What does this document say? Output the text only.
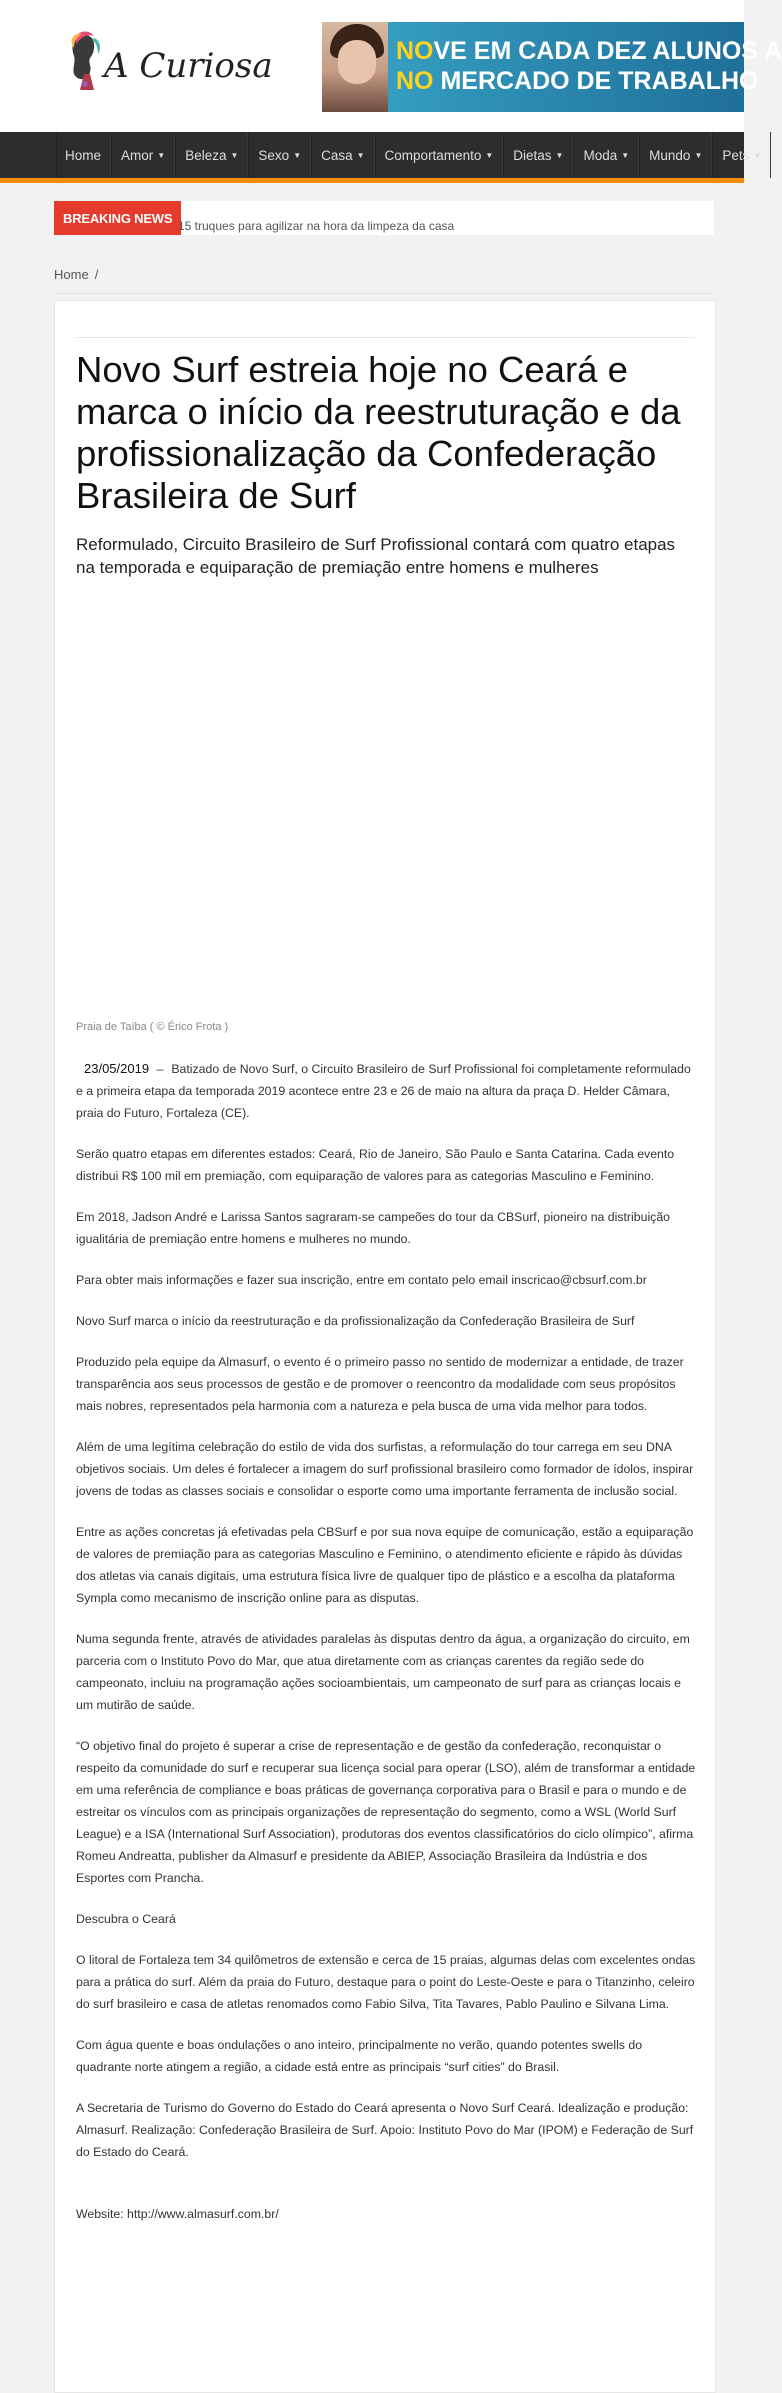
A Curiosa	NOVE EM CADA DEZ ALUNOS A
NO MERCADO DE TRABALHO
Home Amor ▼ Beleza ▼ Sexo ▼ Casa ▼ Comportamento ▼ Dietas ▼ Moda ▼ Mundo ▼ Pets ▼
BREAKING NEWS
15 truques para agilizar na hora da limpeza da casa
Home /
Novo Surf estreia hoje no Ceará e marca o início da reestruturação e da profissionalização da Confederação Brasileira de Surf
Reformulado, Circuito Brasileiro de Surf Profissional contará com quatro etapas na temporada e equiparação de premiação entre homens e mulheres
Praia de Taíba ( © Érico Frota )

23/05/2019 – Batizado de Novo Surf, o Circuito Brasileiro de Surf Profissional foi completamente reformulado e a primeira etapa da temporada 2019 acontece entre 23 e 26 de maio na altura da praça D. Helder Câmara, praia do Futuro, Fortaleza (CE).

Serão quatro etapas em diferentes estados: Ceará, Rio de Janeiro, São Paulo e Santa Catarina. Cada evento distribui R$ 100 mil em premiação, com equiparação de valores para as categorias Masculino e Feminino.

Em 2018, Jadson André e Larissa Santos sagraram-se campeões do tour da CBSurf, pioneiro na distribuição igualitária de premiação entre homens e mulheres no mundo.

Para obter mais informações e fazer sua inscrição, entre em contato pelo email inscricao@cbsurf.com.br

Novo Surf marca o início da reestruturação e da profissionalização da Confederação Brasileira de Surf

Produzido pela equipe da Almasurf, o evento é o primeiro passo no sentido de modernizar a entidade, de trazer transparência aos seus processos de gestão e de promover o reencontro da modalidade com seus propósitos mais nobres, representados pela harmonia com a natureza e pela busca de uma vida melhor para todos.

Além de uma legítima celebração do estilo de vida dos surfistas, a reformulação do tour carrega em seu DNA objetivos sociais. Um deles é fortalecer a imagem do surf profissional brasileiro como formador de ídolos, inspirar jovens de todas as classes sociais e consolidar o esporte como uma importante ferramenta de inclusão social.

Entre as ações concretas já efetivadas pela CBSurf e por sua nova equipe de comunicação, estão a equiparação de valores de premiação para as categorias Masculino e Feminino, o atendimento eficiente e rápido às dúvidas dos atletas via canais digitais, uma estrutura física livre de qualquer tipo de plástico e a escolha da plataforma Sympla como mecanismo de inscrição online para as disputas.

Numa segunda frente, através de atividades paralelas às disputas dentro da água, a organização do circuito, em parceria com o Instituto Povo do Mar, que atua diretamente com as crianças carentes da região sede do campeonato, incluiu na programação ações socioambientais, um campeonato de surf para as crianças locais e um mutirão de saúde.

“O objetivo final do projeto é superar a crise de representação e de gestão da confederação, reconquistar o respeito da comunidade do surf e recuperar sua licença social para operar (LSO), além de transformar a entidade em uma referência de compliance e boas práticas de governança corporativa para o Brasil e para o mundo e de estreitar os vínculos com as principais organizações de representação do segmento, como a WSL (World Surf League) e a ISA (International Surf Association), produtoras dos eventos classificatórios do ciclo olímpico”, afirma Romeu Andreatta, publisher da Almasurf e presidente da ABIEP, Associação Brasileira da Indústria e dos Esportes com Prancha.

Descubra o Ceará

O litoral de Fortaleza tem 34 quilômetros de extensão e cerca de 15 praias, algumas delas com excelentes ondas para a prática do surf. Além da praia do Futuro, destaque para o point do Leste-Oeste e para o Titanzinho, celeiro do surf brasileiro e casa de atletas renomados como Fabio Silva, Tita Tavares, Pablo Paulino e Silvana Lima.

Com água quente e boas ondulações o ano inteiro, principalmente no verão, quando potentes swells do quadrante norte atingem a região, a cidade está entre as principais “surf cities” do Brasil.

A Secretaria de Turismo do Governo do Estado do Ceará apresenta o Novo Surf Ceará. Idealização e produção: Almasurf. Realização: Confederação Brasileira de Surf. Apoio: Instituto Povo do Mar (IPOM) e Federação de Surf do Estado do Ceará.

Website: http://www.almasurf.com.br/
